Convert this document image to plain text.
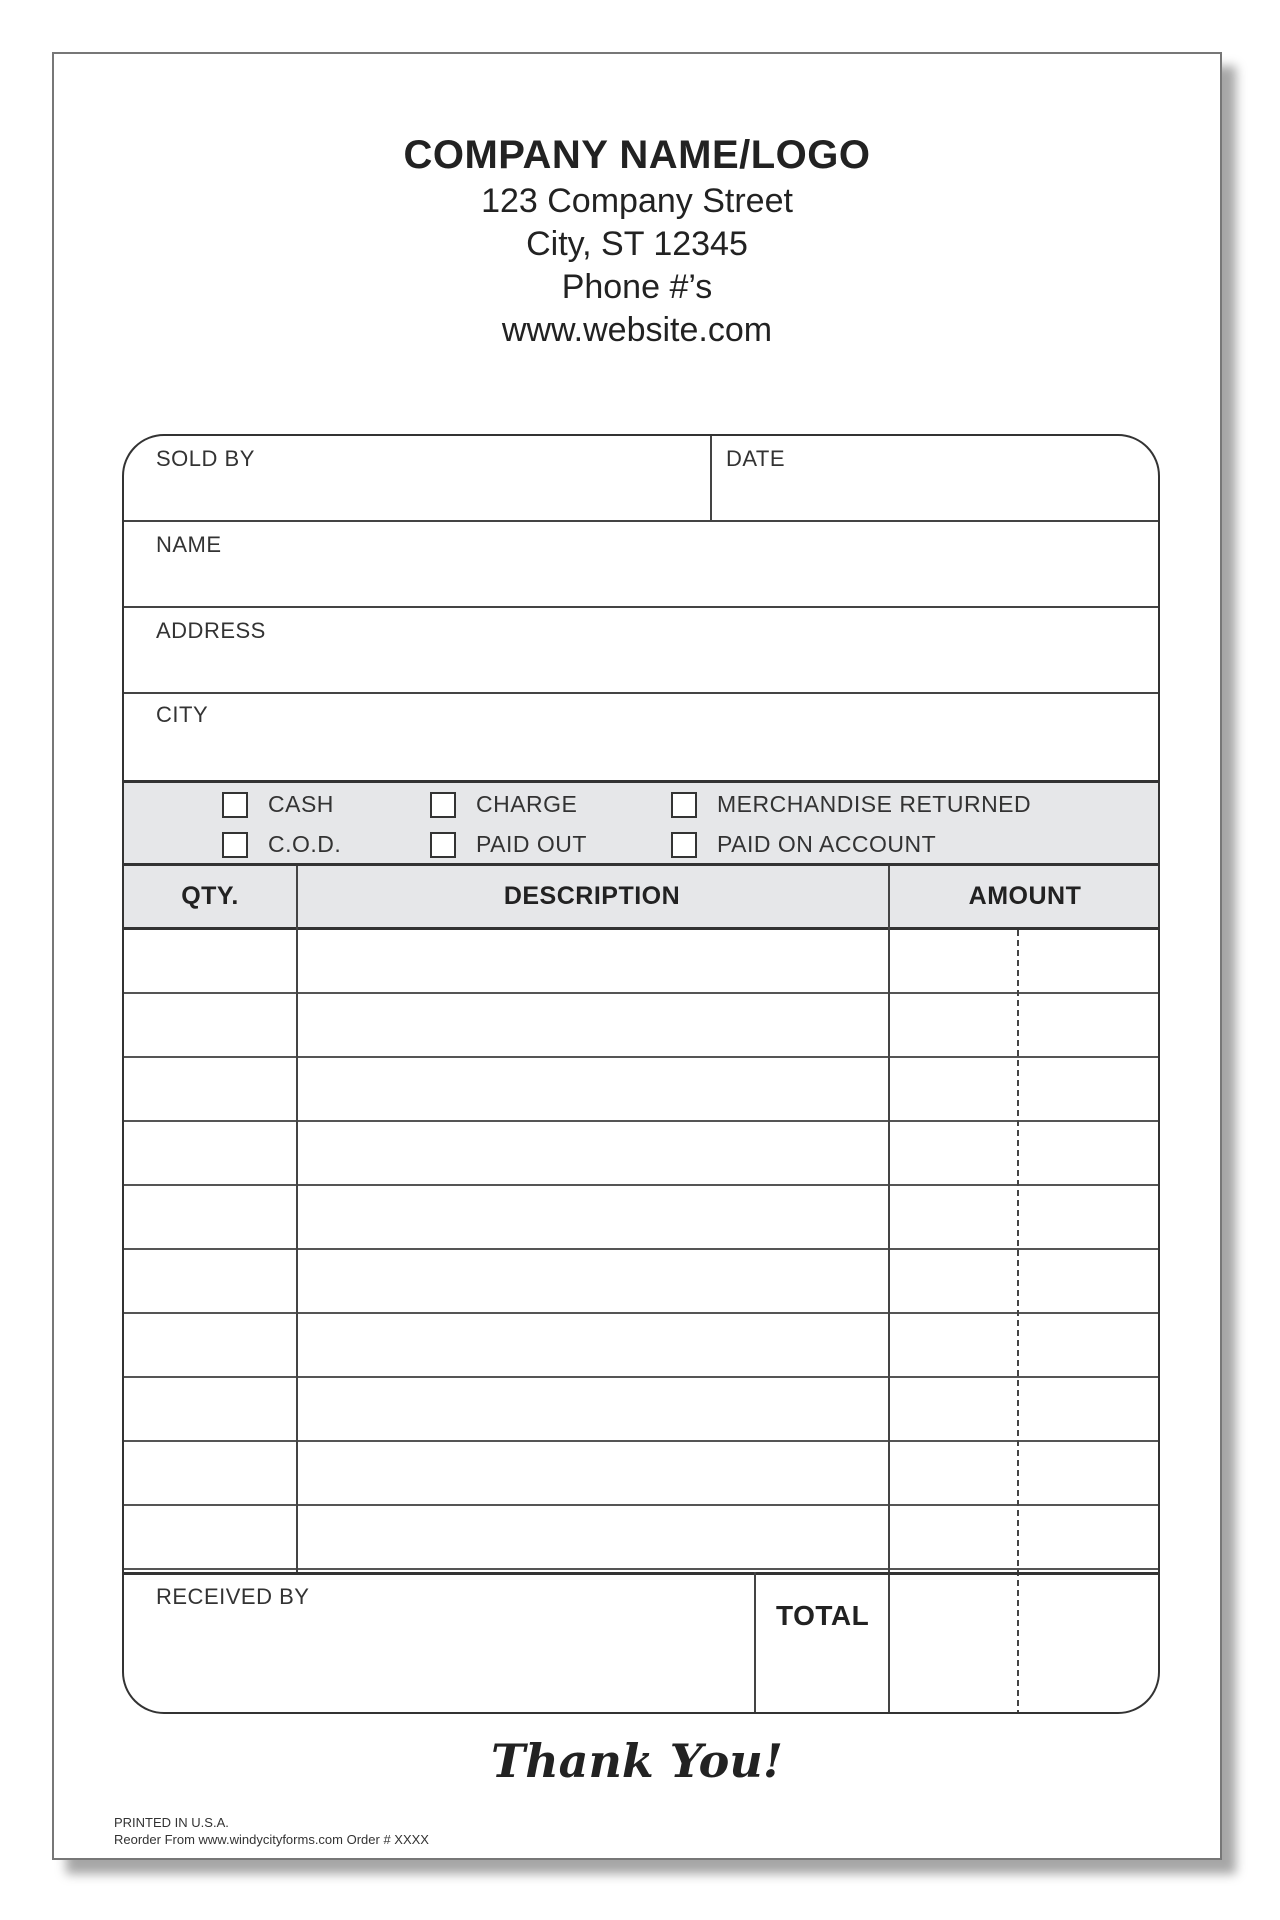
COMPANY NAME/LOGO
123 Company Street
City, ST 12345
Phone #’s
www.website.com
SOLD BY	DATE
NAME
ADDRESS
CITY
CASH	CHARGE	MERCHANDISE RETURNED
C.O.D.	PAID OUT	PAID ON ACCOUNT
QTY.	DESCRIPTION	AMOUNT
RECEIVED BY
TOTAL
Thank You!
PRINTED IN U.S.A.
Reorder From www.windycityforms.com Order # XXXX
